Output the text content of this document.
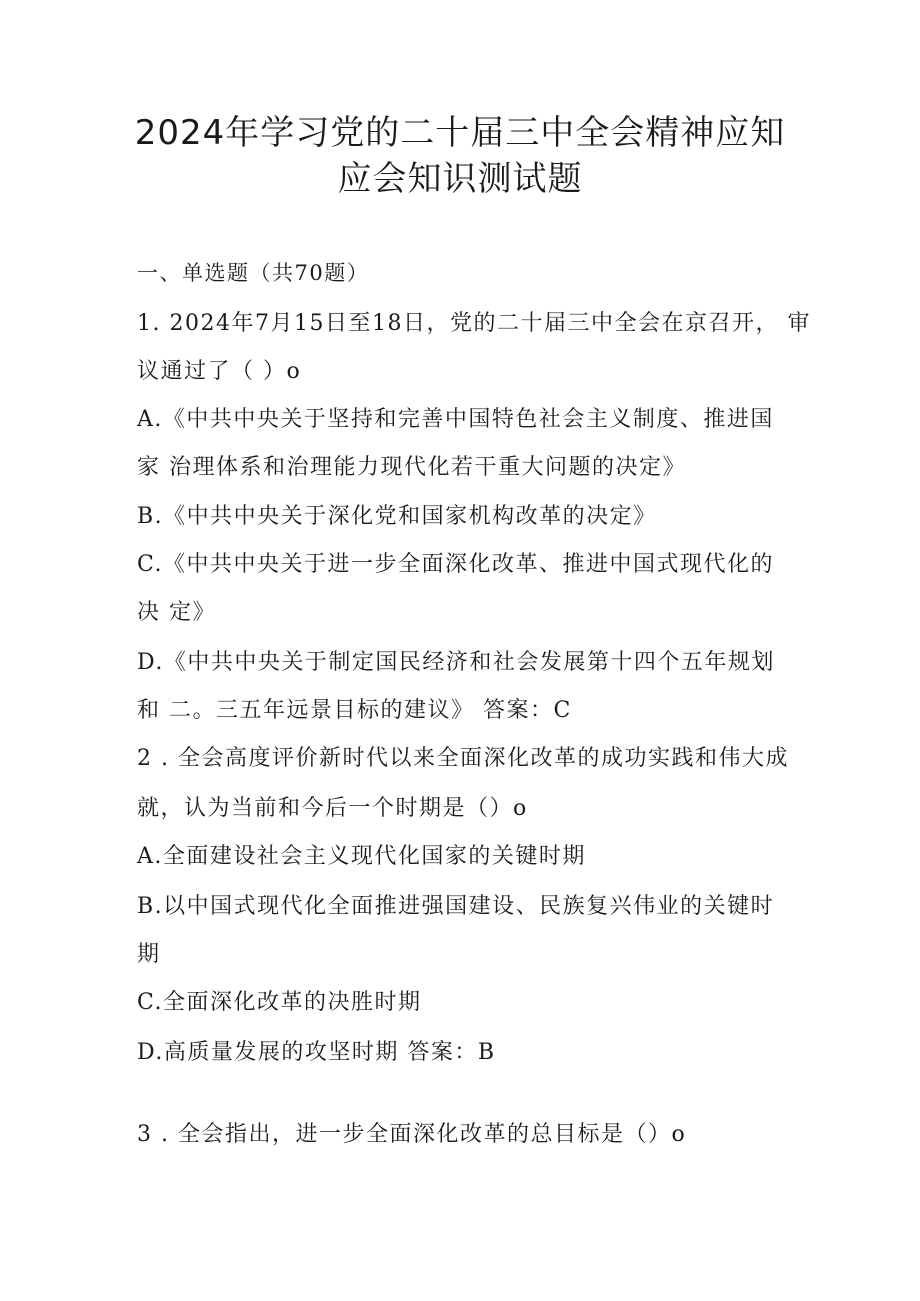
2024年学习党的二十届三中全会精神应知
应会知识测试题

一、单选题（共70题）

1. 2024年7月15日至18日，党的二十届三中全会在京召开， 审

议通过了（ ）o

A.《中共中央关于坚持和完善中国特色社会主义制度、推进国

家 治理体系和治理能力现代化若干重大问题的决定》

B.《中共中央关于深化党和国家机构改革的决定》

C.《中共中央关于进一步全面深化改革、推进中国式现代化的

决 定》

D.《中共中央关于制定国民经济和社会发展第十四个五年规划

和 二。三五年远景目标的建议》 答案：C

2 . 全会高度评价新时代以来全面深化改革的成功实践和伟大成

就，认为当前和今后一个时期是（）o

A.全面建设社会主义现代化国家的关键时期

B.以中国式现代化全面推进强国建设、民族复兴伟业的关键时

期

C.全面深化改革的决胜时期

D.高质量发展的攻坚时期 答案：B

3 . 全会指出，进一步全面深化改革的总目标是（）o
